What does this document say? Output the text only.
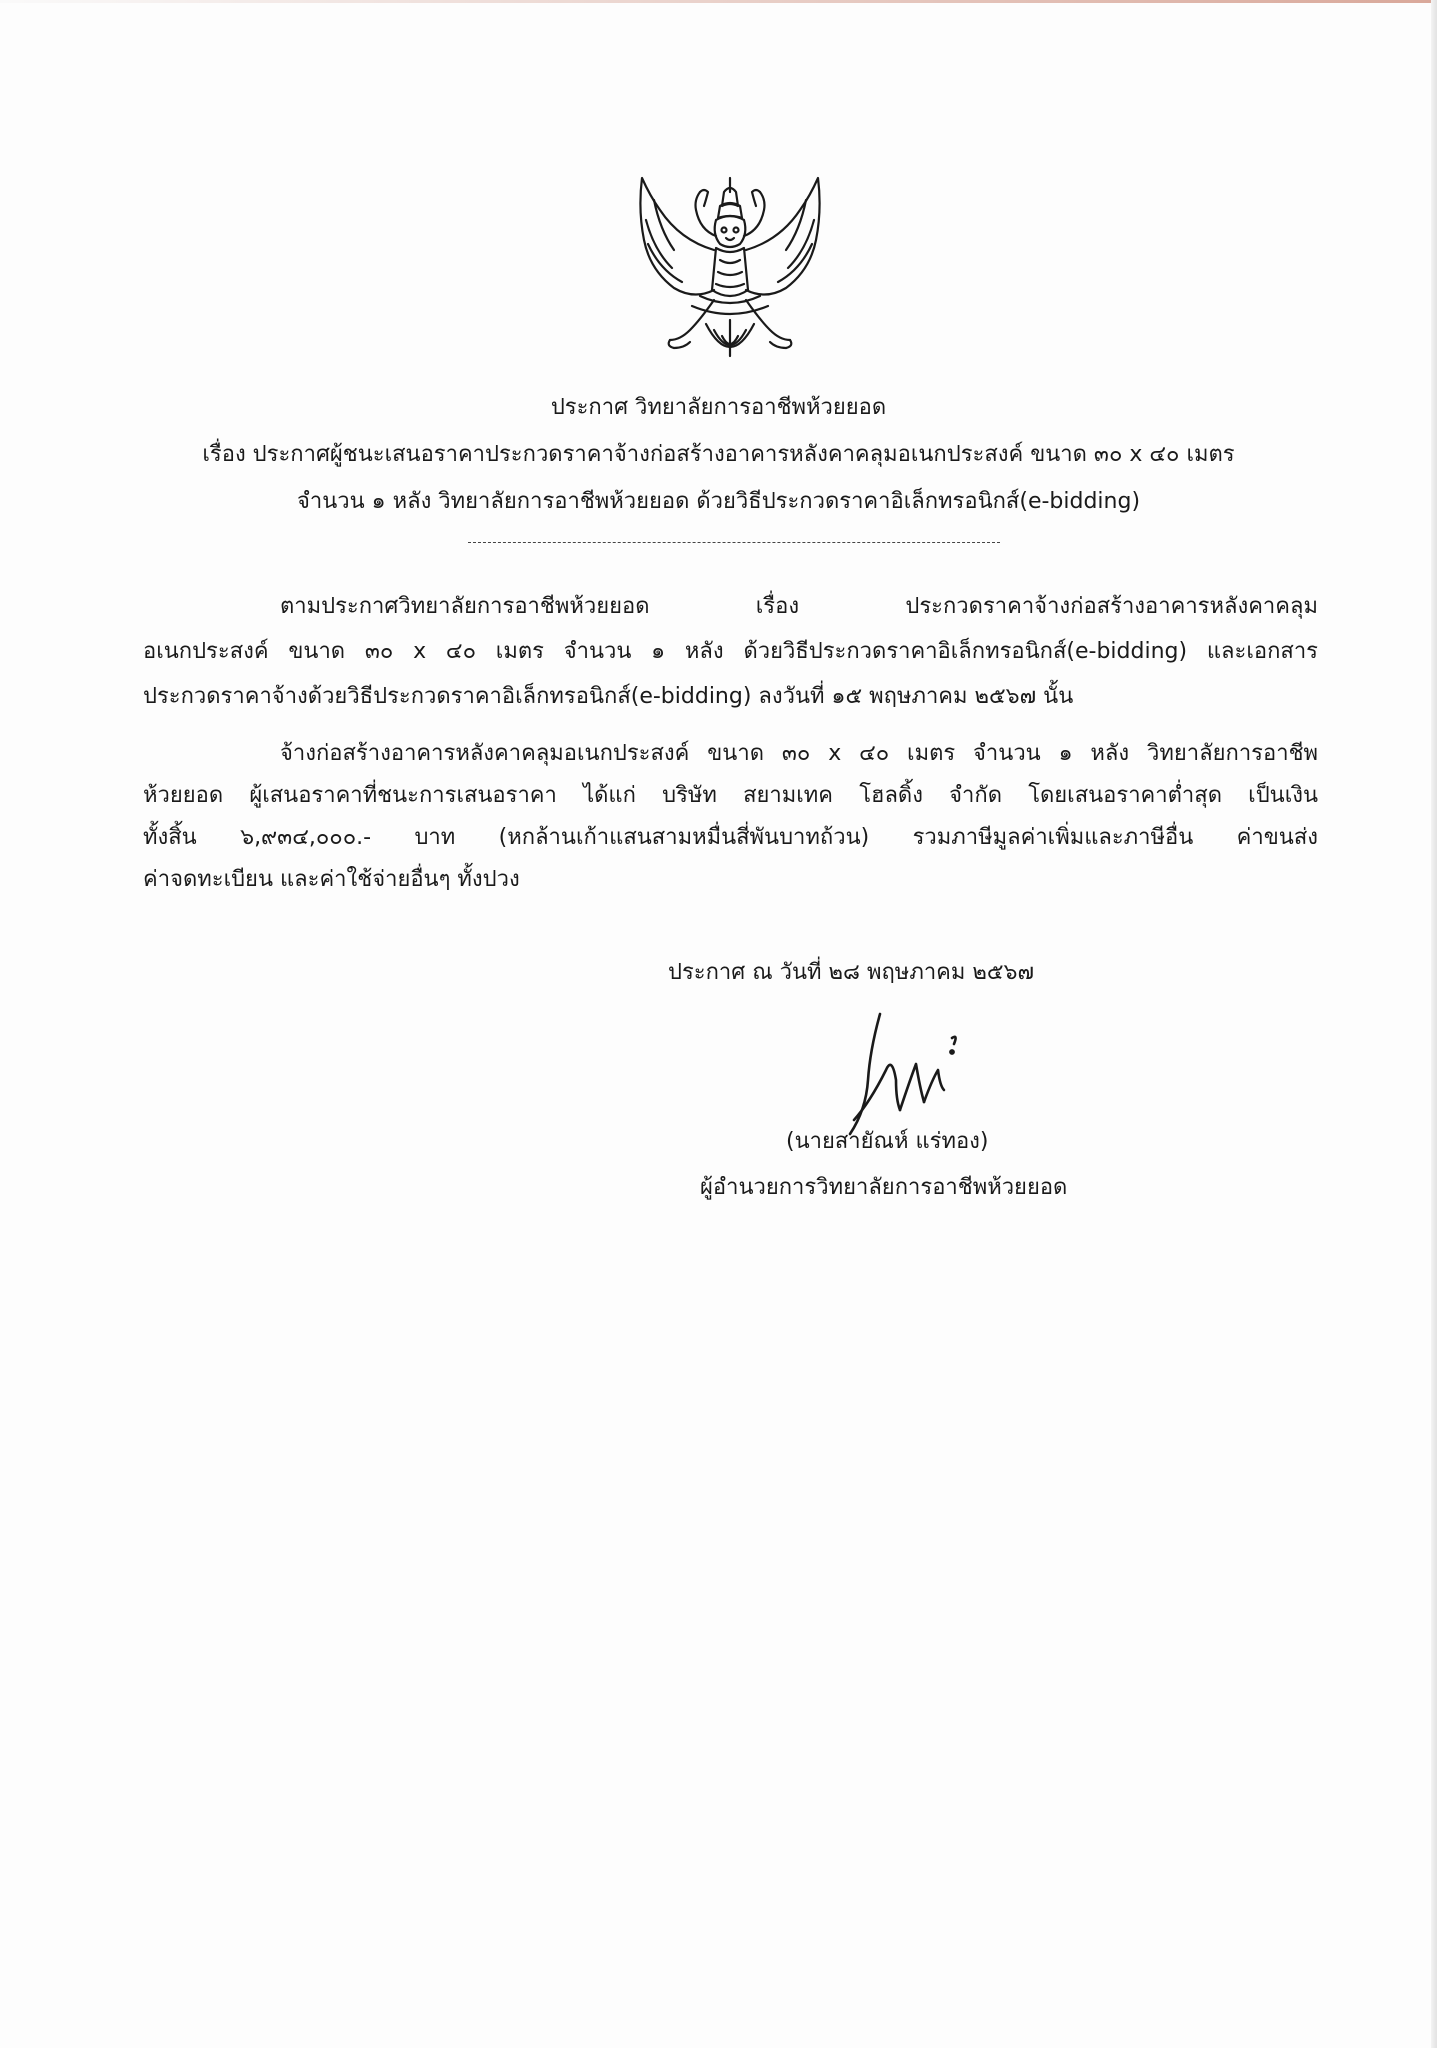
ประกาศ วิทยาลัยการอาชีพห้วยยอด
เรื่อง ประกาศผู้ชนะเสนอราคาประกวดราคาจ้างก่อสร้างอาคารหลังคาคลุมอเนกประสงค์ ขนาด ๓๐ x ๔๐ เมตร
จำนวน ๑ หลัง วิทยาลัยการอาชีพห้วยยอด ด้วยวิธีประกวดราคาอิเล็กทรอนิกส์(e-bidding)
ตามประกาศวิทยาลัยการอาชีพห้วยยอด เรื่อง ประกวดราคาจ้างก่อสร้างอาคารหลังคาคลุม
อเนกประสงค์ ขนาด ๓๐ x ๔๐ เมตร จำนวน ๑ หลัง ด้วยวิธีประกวดราคาอิเล็กทรอนิกส์(e-bidding) และเอกสาร
ประกวดราคาจ้างด้วยวิธีประกวดราคาอิเล็กทรอนิกส์(e-bidding) ลงวันที่ ๑๕ พฤษภาคม ๒๕๖๗ นั้น
จ้างก่อสร้างอาคารหลังคาคลุมอเนกประสงค์ ขนาด ๓๐ x ๔๐ เมตร จำนวน ๑ หลัง วิทยาลัยการอาชีพ
ห้วยยอด ผู้เสนอราคาที่ชนะการเสนอราคา ได้แก่ บริษัท สยามเทค โฮลดิ้ง จำกัด โดยเสนอราคาต่ำสุด เป็นเงิน
ทั้งสิ้น ๖,๙๓๔,๐๐๐.- บาท (หกล้านเก้าแสนสามหมื่นสี่พันบาทถ้วน) รวมภาษีมูลค่าเพิ่มและภาษีอื่น ค่าขนส่ง
ค่าจดทะเบียน และค่าใช้จ่ายอื่นๆ ทั้งปวง
ประกาศ ณ วันที่ ๒๘ พฤษภาคม ๒๕๖๗
(นายสายัณห์ แร่ทอง)
ผู้อำนวยการวิทยาลัยการอาชีพห้วยยอด
